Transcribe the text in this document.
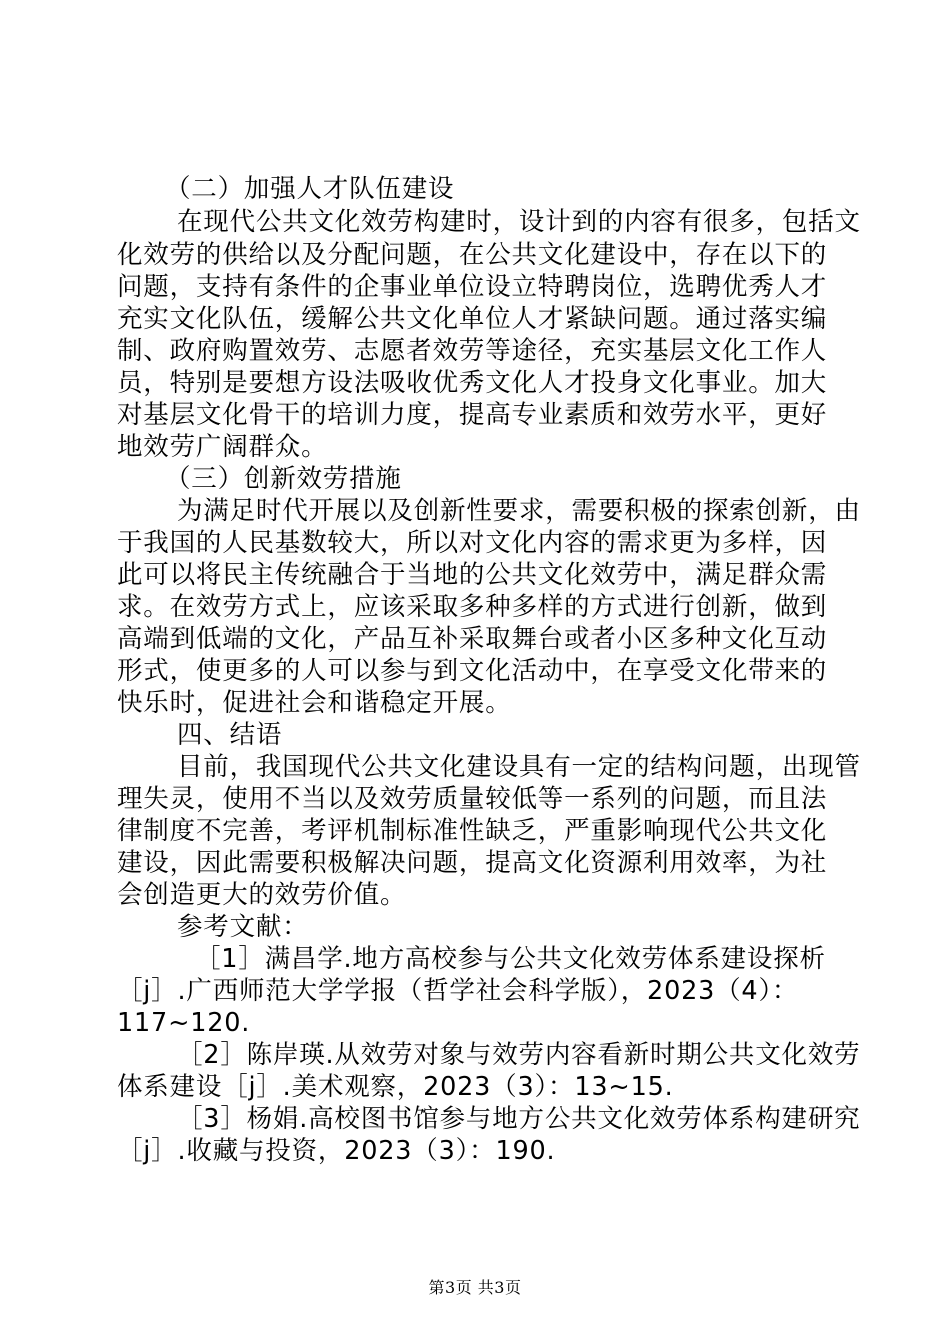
（二）加强人才队伍建设
在现代公共文化效劳构建时，设计到的内容有很多，包括文
化效劳的供给以及分配问题，在公共文化建设中，存在以下的
问题，支持有条件的企事业单位设立特聘岗位，选聘优秀人才
充实文化队伍，缓解公共文化单位人才紧缺问题。通过落实编
制、政府购置效劳、志愿者效劳等途径，充实基层文化工作人
员，特别是要想方设法吸收优秀文化人才投身文化事业。加大
对基层文化骨干的培训力度，提高专业素质和效劳水平，更好
地效劳广阔群众。
（三）创新效劳措施
为满足时代开展以及创新性要求，需要积极的探索创新，由
于我国的人民基数较大，所以对文化内容的需求更为多样，因
此可以将民主传统融合于当地的公共文化效劳中，满足群众需
求。在效劳方式上，应该采取多种多样的方式进行创新，做到
高端到低端的文化，产品互补采取舞台或者小区多种文化互动
形式，使更多的人可以参与到文化活动中，在享受文化带来的
快乐时，促进社会和谐稳定开展。
四、结语
目前，我国现代公共文化建设具有一定的结构问题，出现管
理失灵，使用不当以及效劳质量较低等一系列的问题，而且法
律制度不完善，考评机制标准性缺乏，严重影响现代公共文化
建设，因此需要积极解决问题，提高文化资源利用效率，为社
会创造更大的效劳价值。
参考文献：
［1］满昌学.地方高校参与公共文化效劳体系建设探析
［j］.广西师范大学学报（哲学社会科学版），2023（4）：
117~120.
［2］陈岸瑛.从效劳对象与效劳内容看新时期公共文化效劳
体系建设［j］.美术观察，2023（3）：13~15.
［3］杨娟.高校图书馆参与地方公共文化效劳体系构建研究
［j］.收藏与投资，2023（3）：190.
第3页 共3页
